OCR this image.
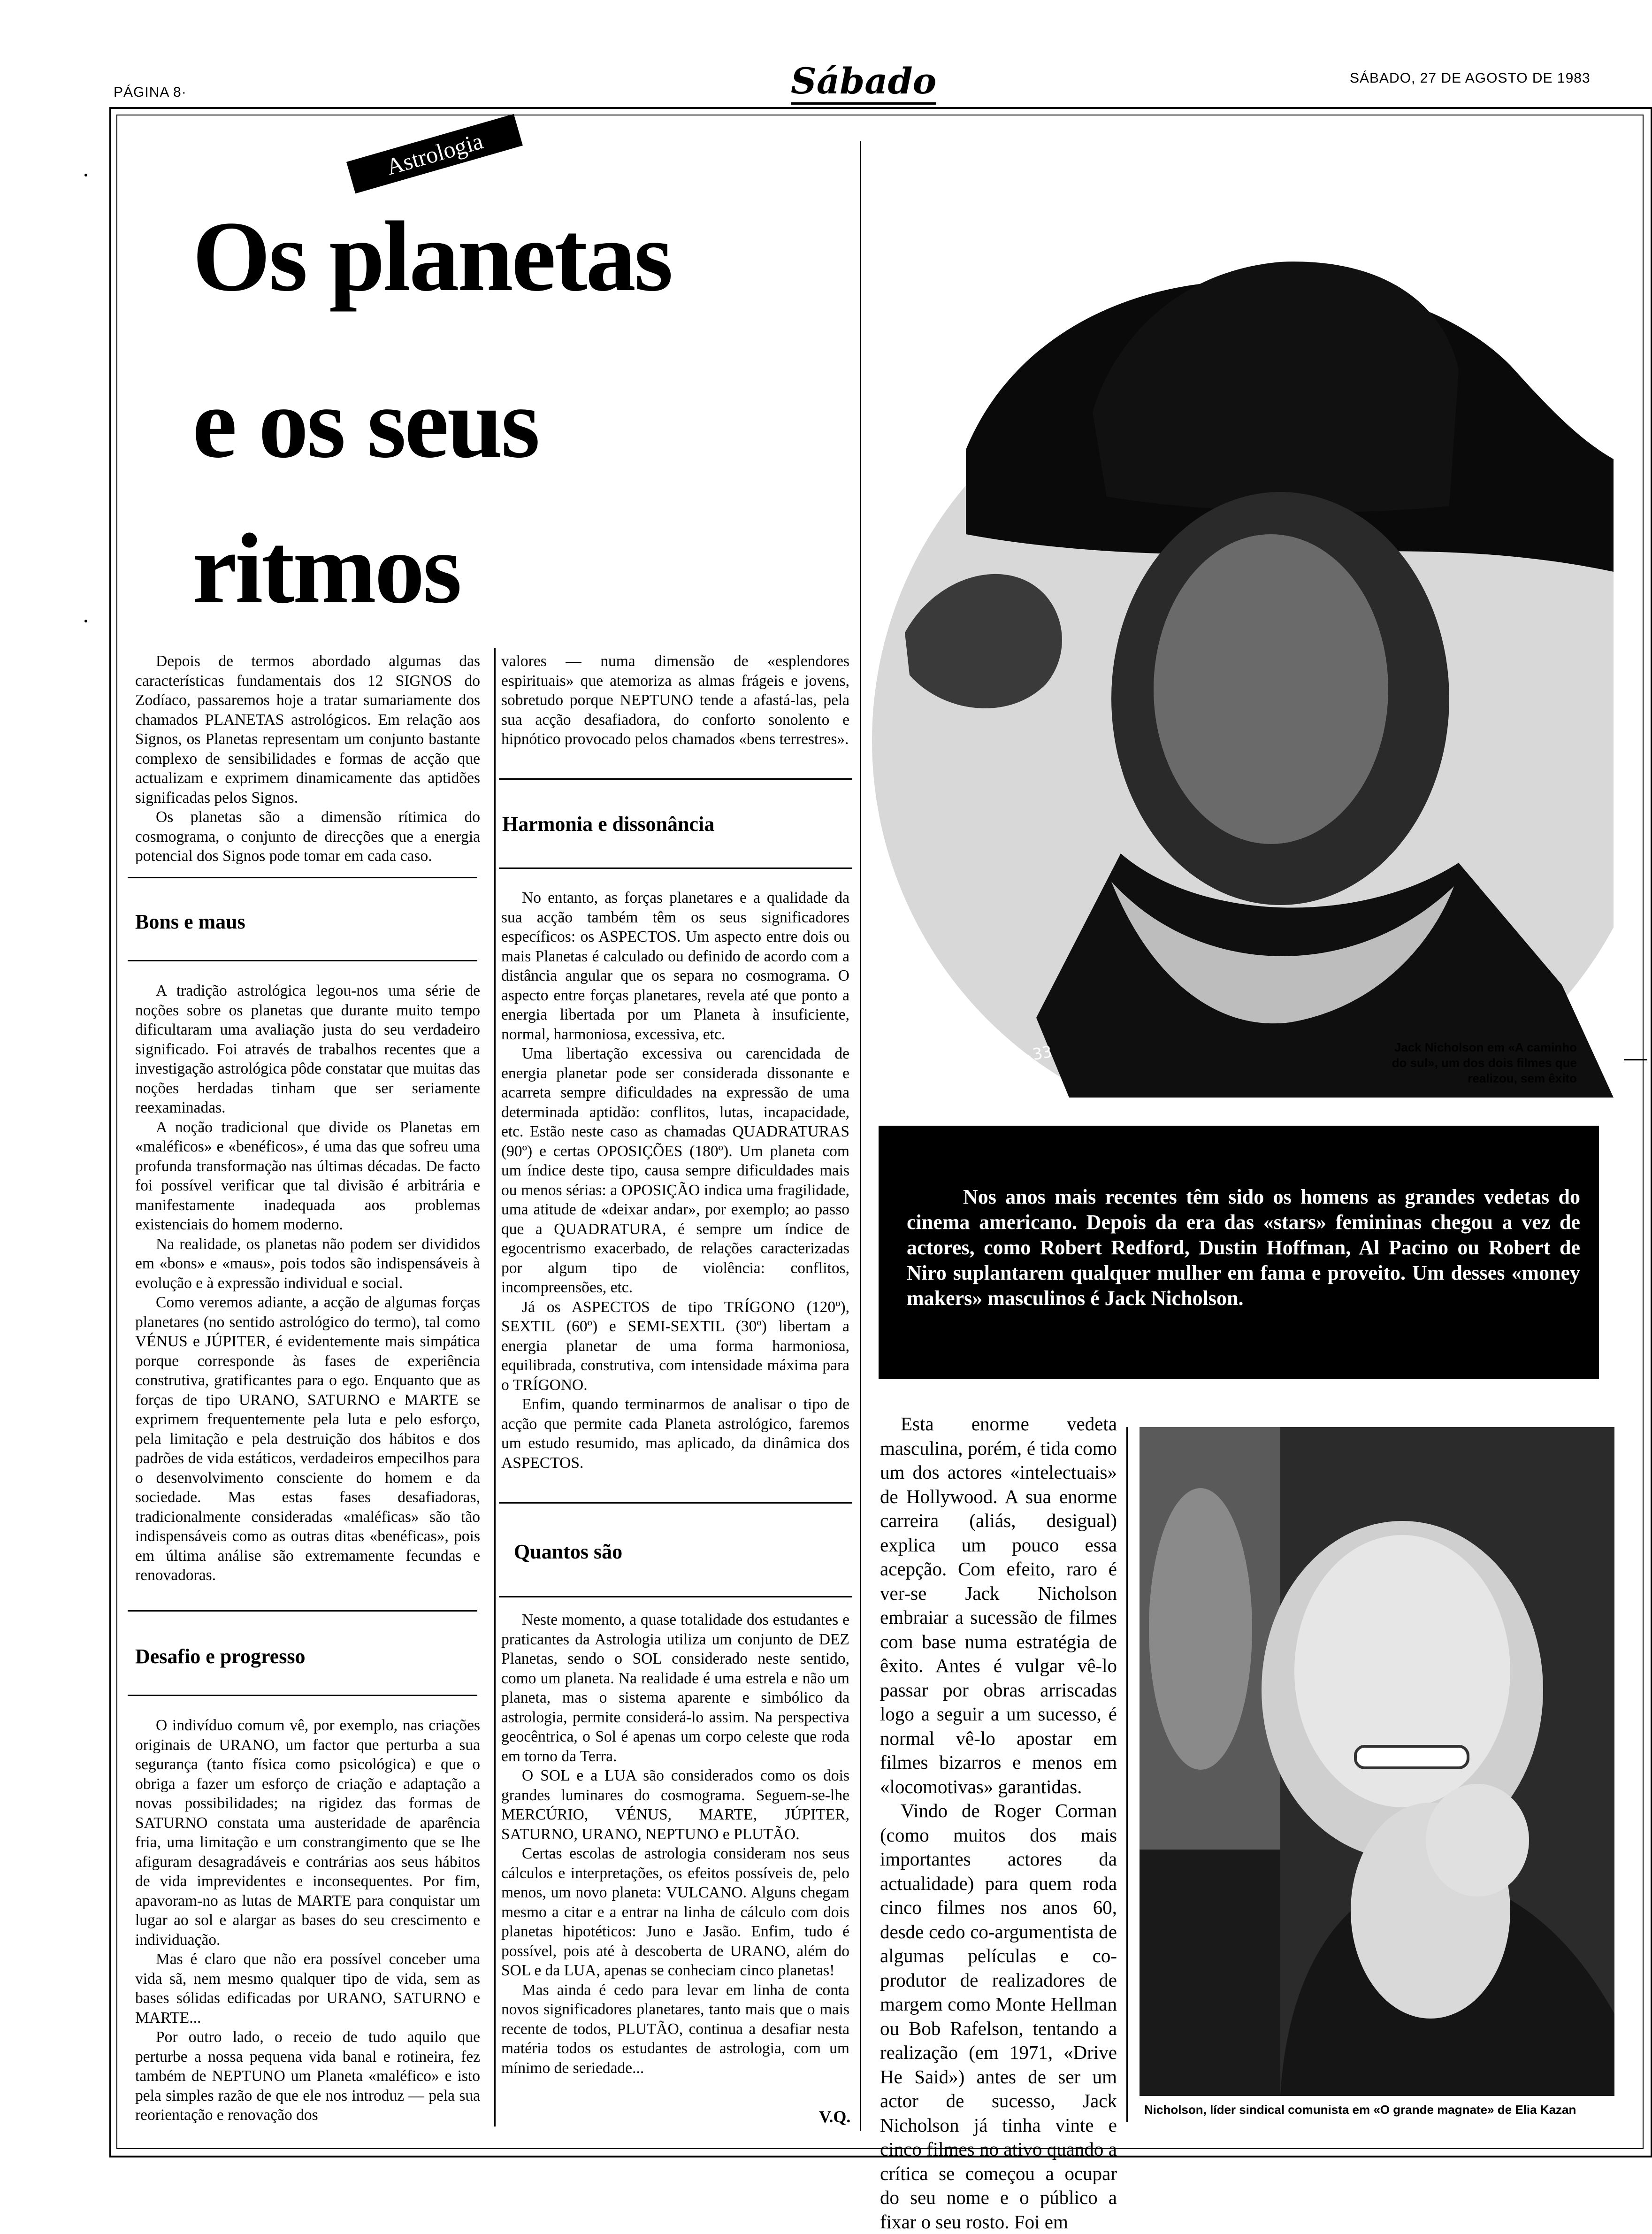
PÁGINA 8·	Sábado	SÁBADO, 27 DE AGOSTO DE 1983
Astrologia
Os planetas
e os seus
ritmos

Depois de termos abordado algumas das características fundamentais dos 12 SIGNOS do Zodíaco, passaremos hoje a tratar sumariamente dos chamados PLANETAS astrológicos. Em relação aos Signos, os Planetas representam um conjunto bastante complexo de sensibilidades e formas de acção que actualizam e exprimem dinamicamente das aptidões significadas pelos Signos.

Os planetas são a dimensão rítimica do cosmograma, o conjunto de direcções que a energia potencial dos Signos pode tomar em cada caso.

Bons e maus

A tradição astrológica legou-nos uma série de noções sobre os planetas que durante muito tempo dificultaram uma avaliação justa do seu verdadeiro significado. Foi através de trabalhos recentes que a investigação astrológica pôde constatar que muitas das noções herdadas tinham que ser seriamente reexaminadas.

A noção tradicional que divide os Planetas em «maléficos» e «benéficos», é uma das que sofreu uma profunda transformação nas últimas décadas. De facto foi possível verificar que tal divisão é arbitrária e manifestamente inadequada aos problemas existenciais do homem moderno.

Na realidade, os planetas não podem ser divididos em «bons» e «maus», pois todos são indispensáveis à evolução e à expressão individual e social.

Como veremos adiante, a acção de algumas forças planetares (no sentido astrológico do termo), tal como VÉNUS e JÚPITER, é evidentemente mais simpática porque corresponde às fases de experiência construtiva, gratificantes para o ego. Enquanto que as forças de tipo URANO, SATURNO e MARTE se exprimem frequentemente pela luta e pelo esforço, pela limitação e pela destruição dos hábitos e dos padrões de vida estáticos, verdadeiros empecilhos para o desenvolvimento consciente do homem e da sociedade. Mas estas fases desafiadoras, tradicionalmente consideradas «maléficas» são tão indispensáveis como as outras ditas «benéficas», pois em última análise são extremamente fecundas e renovadoras.

Desafio e progresso

O indivíduo comum vê, por exemplo, nas criações originais de URANO, um factor que perturba a sua segurança (tanto física como psicológica) e que o obriga a fazer um esforço de criação e adaptação a novas possibilidades; na rigidez das formas de SATURNO constata uma austeridade de aparência fria, uma limitação e um constrangimento que se lhe afiguram desagradáveis e contrárias aos seus hábitos de vida imprevidentes e inconsequentes. Por fim, apavoram-no as lutas de MARTE para conquistar um lugar ao sol e alargar as bases do seu crescimento e individuação.

Mas é claro que não era possível conceber uma vida sã, nem mesmo qualquer tipo de vida, sem as bases sólidas edificadas por URANO, SATURNO e MARTE...

Por outro lado, o receio de tudo aquilo que perturbe a nossa pequena vida banal e rotineira, fez também de NEPTUNO um Planeta «maléfico» e isto pela simples razão de que ele nos introduz — pela sua reorientação e renovação dos

valores — numa dimensão de «esplendores espirituais» que atemoriza as almas frágeis e jovens, sobretudo porque NEPTUNO tende a afastá-las, pela sua acção desafiadora, do conforto sonolento e hipnótico provocado pelos chamados «bens terrestres».

Harmonia e dissonância

No entanto, as forças planetares e a qualidade da sua acção também têm os seus significadores específicos: os ASPECTOS. Um aspecto entre dois ou mais Planetas é calculado ou definido de acordo com a distância angular que os separa no cosmograma. O aspecto entre forças planetares, revela até que ponto a energia libertada por um Planeta à insuficiente, normal, harmoniosa, excessiva, etc.

Uma libertação excessiva ou carencidada de energia planetar pode ser considerada dissonante e acarreta sempre dificuldades na expressão de uma determinada aptidão: conflitos, lutas, incapacidade, etc. Estão neste caso as chamadas QUADRATURAS (90º) e certas OPOSIÇÕES (180º). Um planeta com um índice deste tipo, causa sempre dificuldades mais ou menos sérias: a OPOSIÇÃO indica uma fragilidade, uma atitude de «deixar andar», por exemplo; ao passo que a QUADRATURA, é sempre um índice de egocentrismo exacerbado, de relações caracterizadas por algum tipo de violência: conflitos, incompreensões, etc.

Já os ASPECTOS de tipo TRÍGONO (120º), SEXTIL (60º) e SEMI-SEXTIL (30º) libertam a energia planetar de uma forma harmoniosa, equilibrada, construtiva, com intensidade máxima para o TRÍGONO.

Enfim, quando terminarmos de analisar o tipo de acção que permite cada Planeta astrológico, faremos um estudo resumido, mas aplicado, da dinâmica dos ASPECTOS.

Quantos são

Neste momento, a quase totalidade dos estudantes e praticantes da Astrologia utiliza um conjunto de DEZ Planetas, sendo o SOL considerado neste sentido, como um planeta. Na realidade é uma estrela e não um planeta, mas o sistema aparente e simbólico da astrologia, permite considerá-lo assim. Na perspectiva geocêntrica, o Sol é apenas um corpo celeste que roda em torno da Terra.

O SOL e a LUA são considerados como os dois grandes luminares do cosmograma. Seguem-se-lhe MERCÚRIO, VÉNUS, MARTE, JÚPITER, SATURNO, URANO, NEPTUNO e PLUTÃO.

Certas escolas de astrologia consideram nos seus cálculos e interpretações, os efeitos possíveis de, pelo menos, um novo planeta: VULCANO. Alguns chegam mesmo a citar e a entrar na linha de cálculo com dois planetas hipotéticos: Juno e Jasão. Enfim, tudo é possível, pois até à descoberta de URANO, além do SOL e da LUA, apenas se conheciam cinco planetas!

Mas ainda é cedo para levar em linha de conta novos significadores planetares, tanto mais que o mais recente de todos, PLUTÃO, continua a desafiar nesta matéria todos os estudantes de astrologia, com um mínimo de seriedade...

V.Q.
68-5304-33	Jack Nicholson em «A caminho do sul», um dos dois filmes que realizou, sem êxito
Nos anos mais recentes têm sido os homens as grandes vedetas do cinema americano. Depois da era das «stars» femininas chegou a vez de actores, como Robert Redford, Dustin Hoffman, Al Pacino ou Robert de Niro suplantarem qualquer mulher em fama e proveito. Um desses «money makers» masculinos é Jack Nicholson.

Esta enorme vedeta masculina, porém, é tida como um dos actores «intelectuais» de Hollywood. A sua enorme carreira (aliás, desigual) explica um pouco essa acepção. Com efeito, raro é ver-se Jack Nicholson embraiar a sucessão de filmes com base numa estratégia de êxito. Antes é vulgar vê-lo passar por obras arriscadas logo a seguir a um sucesso, é normal vê-lo apostar em filmes bizarros e menos em «locomotivas» garantidas.

Vindo de Roger Corman (como muitos dos mais importantes actores da actualidade) para quem roda cinco filmes nos anos 60, desde cedo co-argumentista de algumas películas e co-produtor de realizadores de margem como Monte Hellman ou Bob Rafelson, tentando a realização (em 1971, «Drive He Said») antes de ser um actor de sucesso, Jack Nicholson já tinha vinte e cinco filmes no ativo quando a crítica se começou a ocupar do seu nome e o público a fixar o seu rosto. Foi em

Nicholson, líder sindical comunista em «O grande magnate» de Elia Kazan
